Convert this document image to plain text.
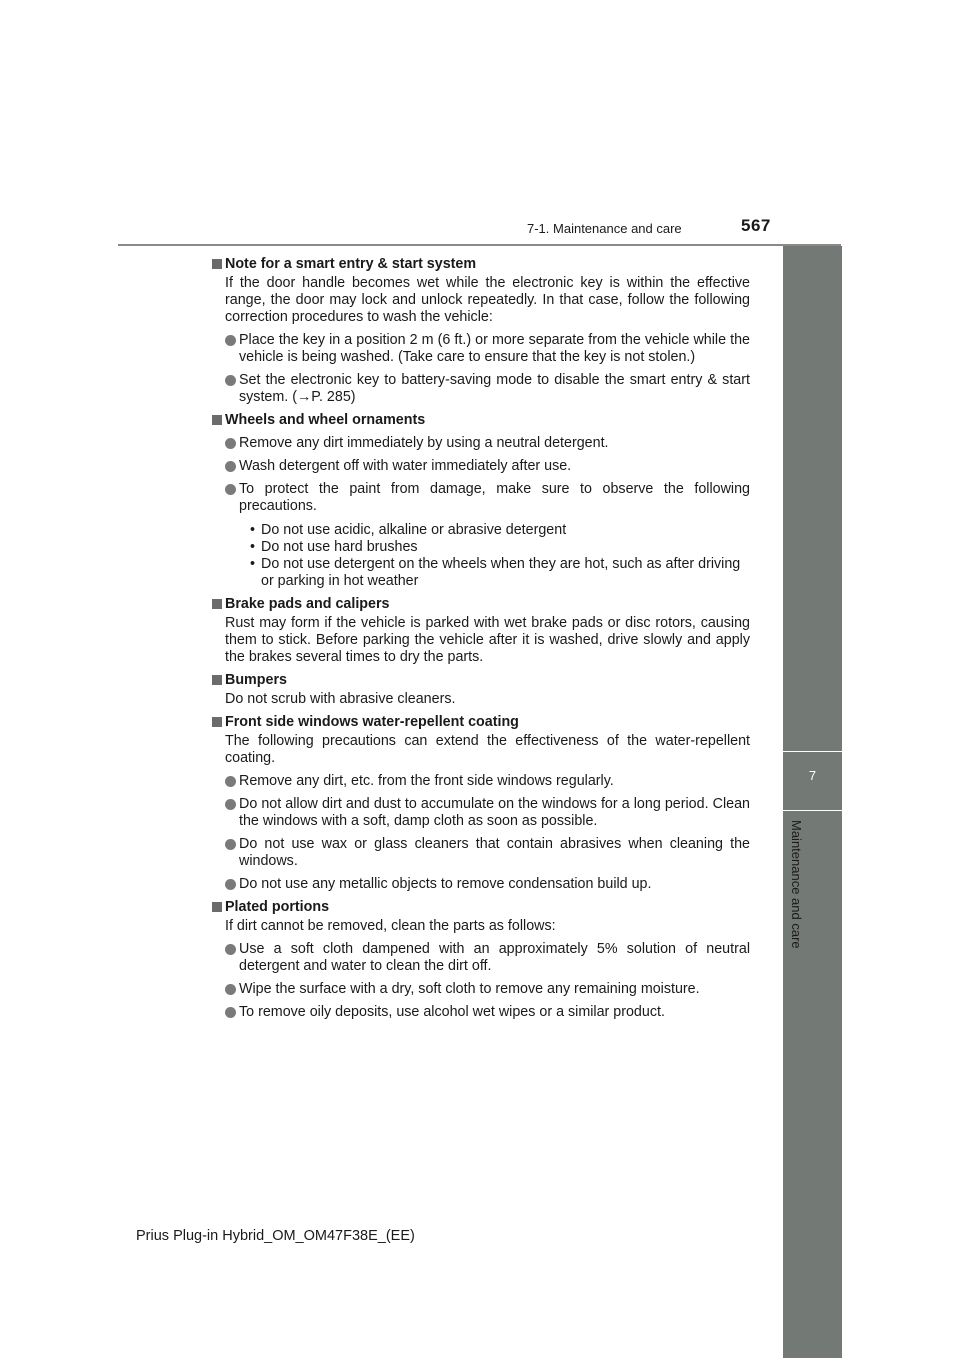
7-1. Maintenance and care	567
7
Maintenance and care
Note for a smart entry & start system
If the door handle becomes wet while the electronic key is within the effective range, the door may lock and unlock repeatedly. In that case, follow the following correction procedures to wash the vehicle:
Place the key in a position 2 m (6 ft.) or more separate from the vehicle while the vehicle is being washed. (Take care to ensure that the key is not stolen.)
Set the electronic key to battery-saving mode to disable the smart entry & start system. (→P. 285)
Wheels and wheel ornaments
Remove any dirt immediately by using a neutral detergent.
Wash detergent off with water immediately after use.
To protect the paint from damage, make sure to observe the following precautions.
• Do not use acidic, alkaline or abrasive detergent
• Do not use hard brushes
• Do not use detergent on the wheels when they are hot, such as after driving or parking in hot weather
Brake pads and calipers
Rust may form if the vehicle is parked with wet brake pads or disc rotors, causing them to stick. Before parking the vehicle after it is washed, drive slowly and apply the brakes several times to dry the parts.
Bumpers
Do not scrub with abrasive cleaners.
Front side windows water-repellent coating
The following precautions can extend the effectiveness of the water-repellent coating.
Remove any dirt, etc. from the front side windows regularly.
Do not allow dirt and dust to accumulate on the windows for a long period. Clean the windows with a soft, damp cloth as soon as possible.
Do not use wax or glass cleaners that contain abrasives when cleaning the windows.
Do not use any metallic objects to remove condensation build up.
Plated portions
If dirt cannot be removed, clean the parts as follows:
Use a soft cloth dampened with an approximately 5% solution of neutral detergent and water to clean the dirt off.
Wipe the surface with a dry, soft cloth to remove any remaining moisture.
To remove oily deposits, use alcohol wet wipes or a similar product.
Prius Plug-in Hybrid_OM_OM47F38E_(EE)
